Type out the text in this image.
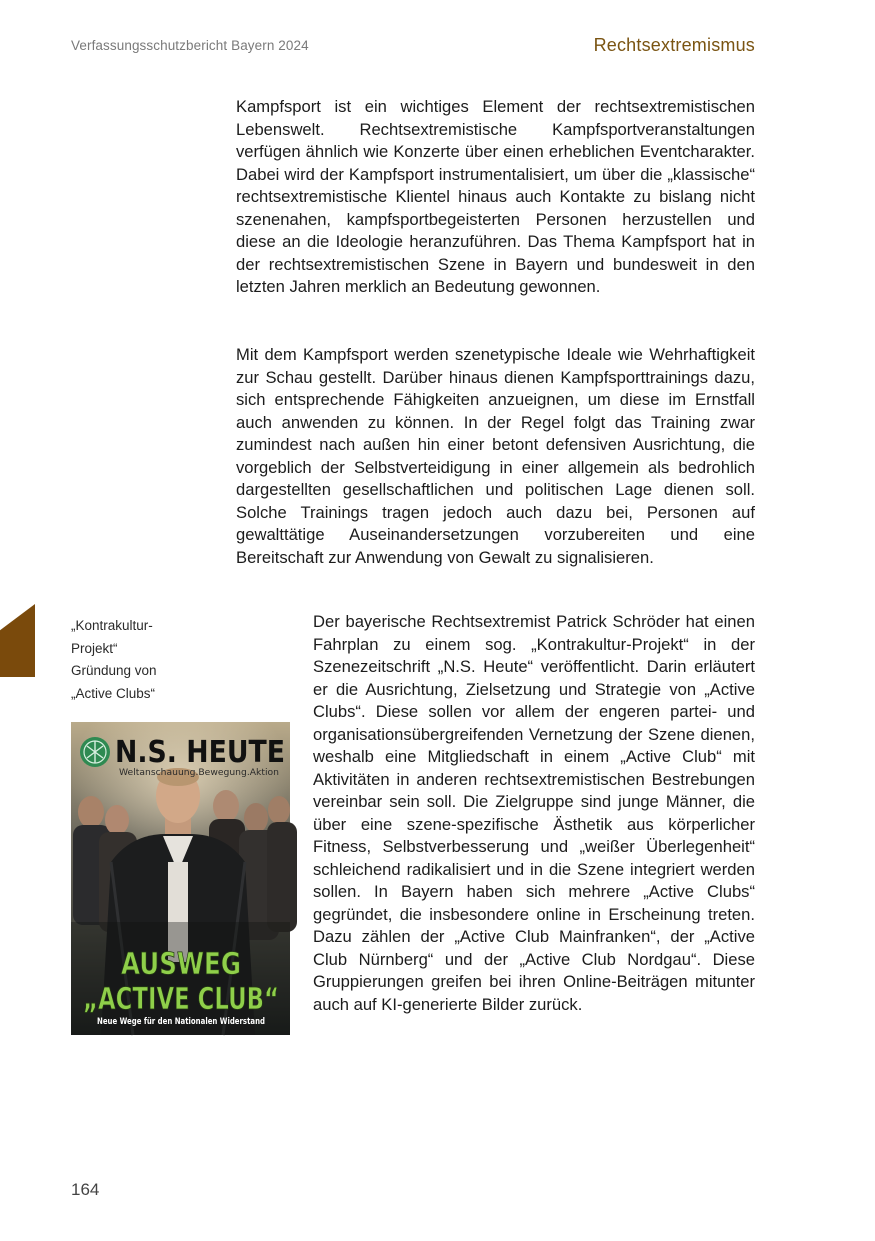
Verfassungsschutzbericht Bayern 2024	Rechtsextremismus

Kampfsport ist ein wichtiges Element der rechtsextremistischen Lebenswelt. Rechtsextremistische Kampfsportveranstaltungen verfügen ähnlich wie Konzerte über einen erheblichen Eventcharakter. Dabei wird der Kampfsport instrumentalisiert, um über die „klassische“ rechtsextremistische Klientel hinaus auch Kontakte zu bislang nicht szenenahen, kampfsportbegeisterten Personen herzustellen und diese an die Ideologie heranzuführen. Das Thema Kampfsport hat in der rechtsextremistischen Szene in Bayern und bundesweit in den letzten Jahren merklich an Bedeutung gewonnen.

Mit dem Kampfsport werden szenetypische Ideale wie Wehrhaftigkeit zur Schau gestellt. Darüber hinaus dienen Kampfsporttrainings dazu, sich entsprechende Fähigkeiten anzueignen, um diese im Ernstfall auch anwenden zu können. In der Regel folgt das Training zwar zumindest nach außen hin einer betont defensiven Ausrichtung, die vorgeblich der Selbstverteidigung in einer allgemein als bedrohlich dargestellten gesellschaftlichen und politischen Lage dienen soll. Solche Trainings tragen jedoch auch dazu bei, Personen auf gewalttätige Auseinandersetzungen vorzubereiten und eine Bereitschaft zur Anwendung von Gewalt zu signalisieren.

Der bayerische Rechtsextremist Patrick Schröder hat einen Fahrplan zu einem sog. „Kontrakultur-Projekt“ in der Szenezeitschrift „N.S. Heute“ veröffentlicht. Darin erläutert er die Ausrichtung, Zielsetzung und Strategie von „Active Clubs“. Diese sollen vor allem der engeren partei- und organisationsübergreifenden Vernetzung der Szene dienen, weshalb eine Mitgliedschaft in einem „Active Club“ mit Aktivitäten in anderen rechtsextremistischen Bestrebungen vereinbar sein soll. Die Zielgruppe sind junge Männer, die über eine szene-spezifische Ästhetik aus körperlicher Fitness, Selbstverbesserung und „weißer Überlegenheit“ schleichend radikalisiert und in die Szene integriert werden sollen. In Bayern haben sich mehrere „Active Clubs“ gegründet, die insbesondere online in Erscheinung treten. Dazu zählen der „Active Club Mainfranken“, der „Active Club Nürnberg“ und der „Active Club Nordgau“. Diese Gruppierungen greifen bei ihren Online-Beiträgen mitunter auch auf KI-generierte Bilder zurück.

„Kontrakultur-
Projekt“
Gründung von
„Active Clubs“
N.S. HEUTE
Weltanschauung.Bewegung.Aktion
AUSWEG
„ACTIVE CLUB“
Neue Wege für den Nationalen Widerstand
164
